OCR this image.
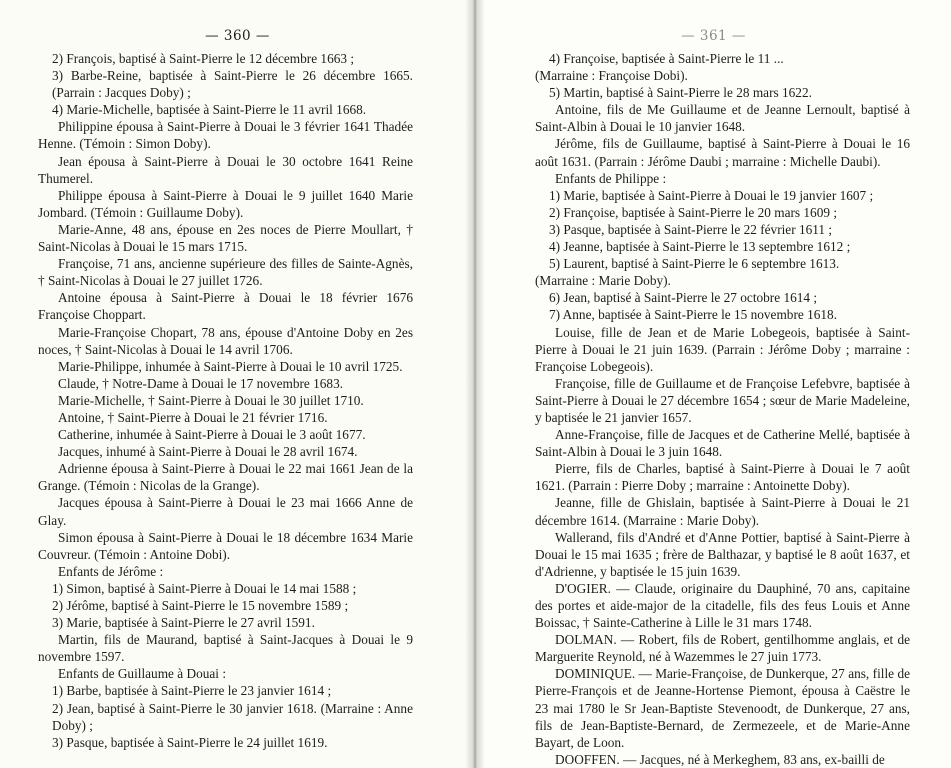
— 360 —

2) François, baptisé à Saint-Pierre le 12 décembre 1663 ;

3) Barbe-Reine, baptisée à Saint-Pierre le 26 décembre 1665. (Parrain : Jacques Doby) ;

4) Marie-Michelle, baptisée à Saint-Pierre le 11 avril 1668.

Philippine épousa à Saint-Pierre à Douai le 3 février 1641 Thadée Henne. (Témoin : Simon Doby).

Jean épousa à Saint-Pierre à Douai le 30 octobre 1641 Reine Thumerel.

Philippe épousa à Saint-Pierre à Douai le 9 juillet 1640 Marie Jombard. (Témoin : Guillaume Doby).

Marie-Anne, 48 ans, épouse en 2es noces de Pierre Moullart, † Saint-Nicolas à Douai le 15 mars 1715.

Françoise, 71 ans, ancienne supérieure des filles de Sainte-Agnès, † Saint-Nicolas à Douai le 27 juillet 1726.

Antoine épousa à Saint-Pierre à Douai le 18 février 1676 Françoise Choppart.

Marie-Françoise Chopart, 78 ans, épouse d'Antoine Doby en 2es noces, † Saint-Nicolas à Douai le 14 avril 1706.

Marie-Philippe, inhumée à Saint-Pierre à Douai le 10 avril 1725.

Claude, † Notre-Dame à Douai le 17 novembre 1683.

Marie-Michelle, † Saint-Pierre à Douai le 30 juillet 1710.

Antoine, † Saint-Pierre à Douai le 21 février 1716.

Catherine, inhumée à Saint-Pierre à Douai le 3 août 1677.

Jacques, inhumé à Saint-Pierre à Douai le 28 avril 1674.

Adrienne épousa à Saint-Pierre à Douai le 22 mai 1661 Jean de la Grange. (Témoin : Nicolas de la Grange).

Jacques épousa à Saint-Pierre à Douai le 23 mai 1666 Anne de Glay.

Simon épousa à Saint-Pierre à Douai le 18 décembre 1634 Marie Couvreur. (Témoin : Antoine Dobi).

Enfants de Jérôme :

1) Simon, baptisé à Saint-Pierre à Douai le 14 mai 1588 ;

2) Jérôme, baptisé à Saint-Pierre le 15 novembre 1589 ;

3) Marie, baptisée à Saint-Pierre le 27 avril 1591.

Martin, fils de Maurand, baptisé à Saint-Jacques à Douai le 9 novembre 1597.

Enfants de Guillaume à Douai :

1) Barbe, baptisée à Saint-Pierre le 23 janvier 1614 ;

2) Jean, baptisé à Saint-Pierre le 30 janvier 1618. (Marraine : Anne Doby) ;

3) Pasque, baptisée à Saint-Pierre le 24 juillet 1619.

— 361 —

4) Françoise, baptisée à Saint-Pierre le 11 ...

(Marraine : Françoise Dobi).

5) Martin, baptisé à Saint-Pierre le 28 mars 1622.

Antoine, fils de Me Guillaume et de Jeanne Lernoult, baptisé à Saint-Albin à Douai le 10 janvier 1648.

Jérôme, fils de Guillaume, baptisé à Saint-Pierre à Douai le 16 août 1631. (Parrain : Jérôme Daubi ; marraine : Michelle Daubi).

Enfants de Philippe :

1) Marie, baptisée à Saint-Pierre à Douai le 19 janvier 1607 ;

2) Françoise, baptisée à Saint-Pierre le 20 mars 1609 ;

3) Pasque, baptisée à Saint-Pierre le 22 février 1611 ;

4) Jeanne, baptisée à Saint-Pierre le 13 septembre 1612 ;

5) Laurent, baptisé à Saint-Pierre le 6 septembre 1613.

(Marraine : Marie Doby).

6) Jean, baptisé à Saint-Pierre le 27 octobre 1614 ;

7) Anne, baptisée à Saint-Pierre le 15 novembre 1618.

Louise, fille de Jean et de Marie Lobegeois, baptisée à Saint-Pierre à Douai le 21 juin 1639. (Parrain : Jérôme Doby ; marraine : Françoise Lobegeois).

Françoise, fille de Guillaume et de Françoise Lefebvre, baptisée à Saint-Pierre à Douai le 27 décembre 1654 ; sœur de Marie Madeleine, y baptisée le 21 janvier 1657.

Anne-Françoise, fille de Jacques et de Catherine Mellé, baptisée à Saint-Albin à Douai le 3 juin 1648.

Pierre, fils de Charles, baptisé à Saint-Pierre à Douai le 7 août 1621. (Parrain : Pierre Doby ; marraine : Antoinette Doby).

Jeanne, fille de Ghislain, baptisée à Saint-Pierre à Douai le 21 décembre 1614. (Marraine : Marie Doby).

Wallerand, fils d'André et d'Anne Pottier, baptisé à Saint-Pierre à Douai le 15 mai 1635 ; frère de Balthazar, y baptisé le 8 août 1637, et d'Adrienne, y baptisée le 15 juin 1639.

D'OGIER. — Claude, originaire du Dauphiné, 70 ans, capitaine des portes et aide-major de la citadelle, fils des feus Louis et Anne Boissac, † Sainte-Catherine à Lille le 31 mars 1748.

DOLMAN. — Robert, fils de Robert, gentilhomme anglais, et de Marguerite Reynold, né à Wazemmes le 27 juin 1773.

DOMINIQUE. — Marie-Françoise, de Dunkerque, 27 ans, fille de Pierre-François et de Jeanne-Hortense Piemont, épousa à Caëstre le 23 mai 1780 le Sr Jean-Baptiste Stevenoodt, de Dunkerque, 27 ans, fils de Jean-Baptiste-Bernard, de Zermezeele, et de Marie-Anne Bayart, de Loon.

DOOFFEN. — Jacques, né à Merkeghem, 83 ans, ex-bailli de
